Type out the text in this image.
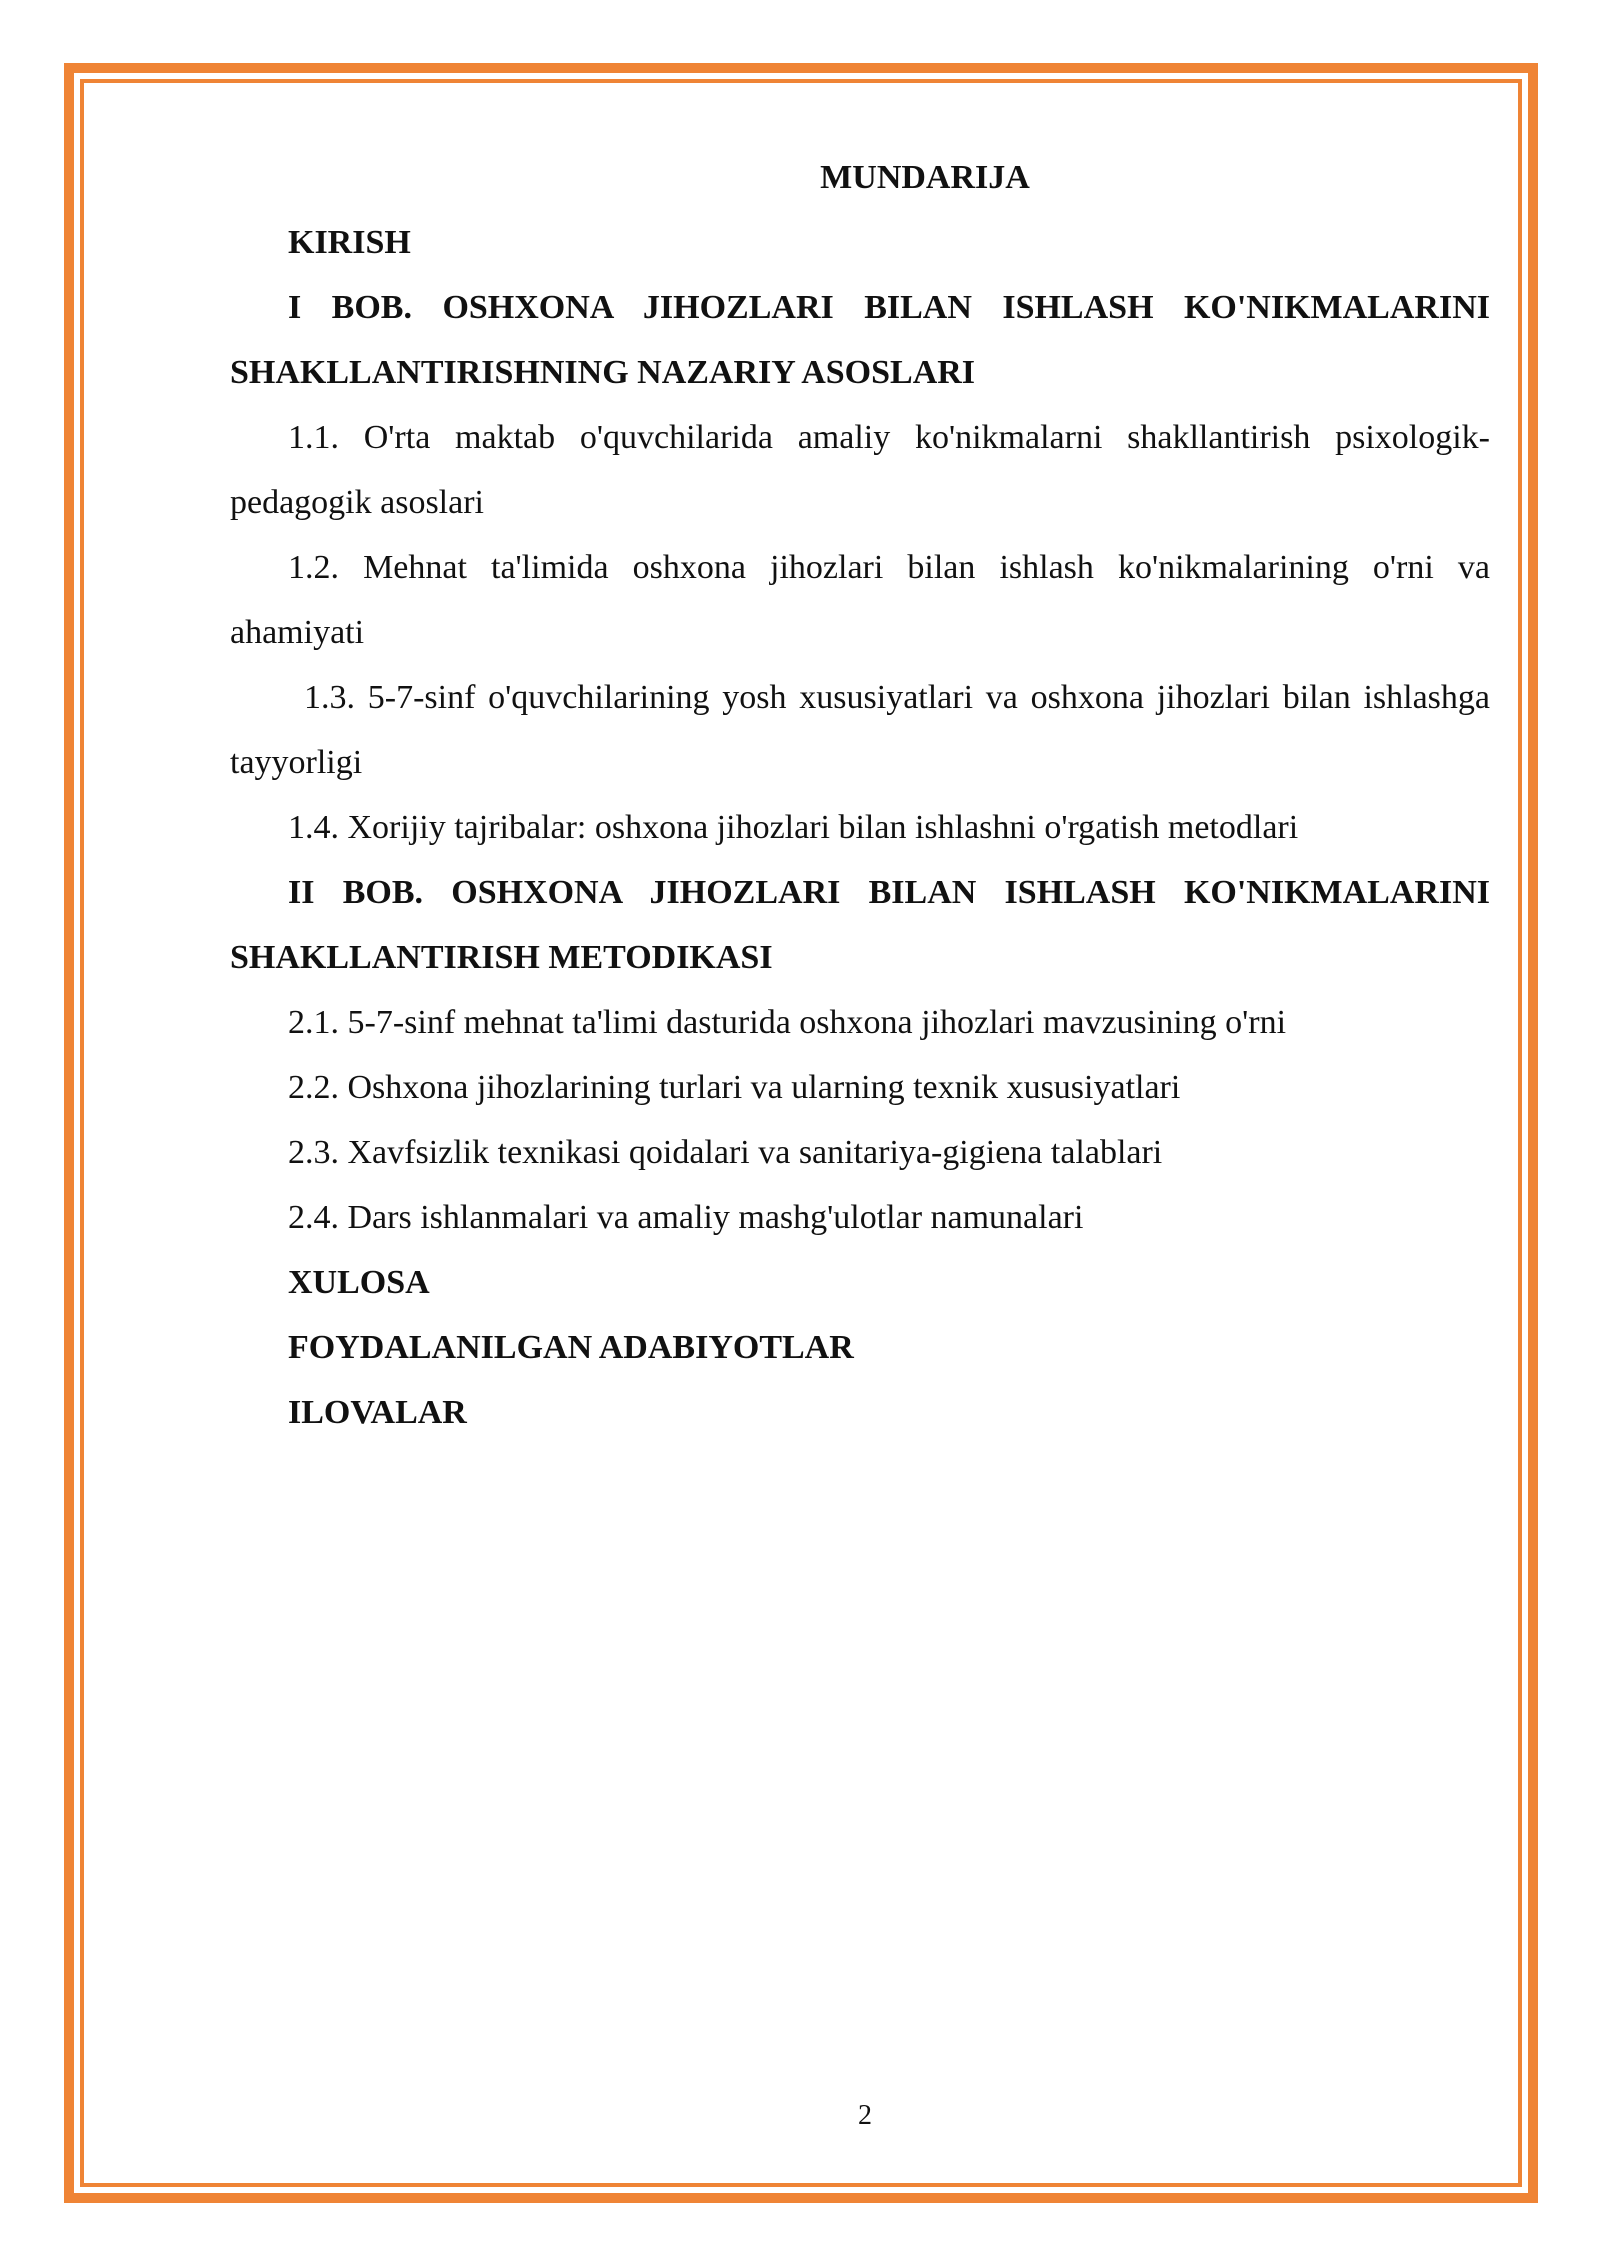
MUNDARIJA

KIRISH

I BOB. OSHXONA JIHOZLARI BILAN ISHLASH KO'NIKMALARINI SHAKLLANTIRISHNING NAZARIY ASOSLARI

1.1. O'rta maktab o'quvchilarida amaliy ko'nikmalarni shakllantirish psixologik-pedagogik asoslari

1.2. Mehnat ta'limida oshxona jihozlari bilan ishlash ko'nikmalarining o'rni va ahamiyati

1.3. 5-7-sinf o'quvchilarining yosh xususiyatlari va oshxona jihozlari bilan ishlashga tayyorligi

1.4. Xorijiy tajribalar: oshxona jihozlari bilan ishlashni o'rgatish metodlari

II BOB. OSHXONA JIHOZLARI BILAN ISHLASH KO'NIKMALARINI SHAKLLANTIRISH METODIKASI

2.1. 5-7-sinf mehnat ta'limi dasturida oshxona jihozlari mavzusining o'rni

2.2. Oshxona jihozlarining turlari va ularning texnik xususiyatlari

2.3. Xavfsizlik texnikasi qoidalari va sanitariya-gigiena talablari

2.4. Dars ishlanmalari va amaliy mashg'ulotlar namunalari

XULOSA

FOYDALANILGAN ADABIYOTLAR

ILOVALAR

2
